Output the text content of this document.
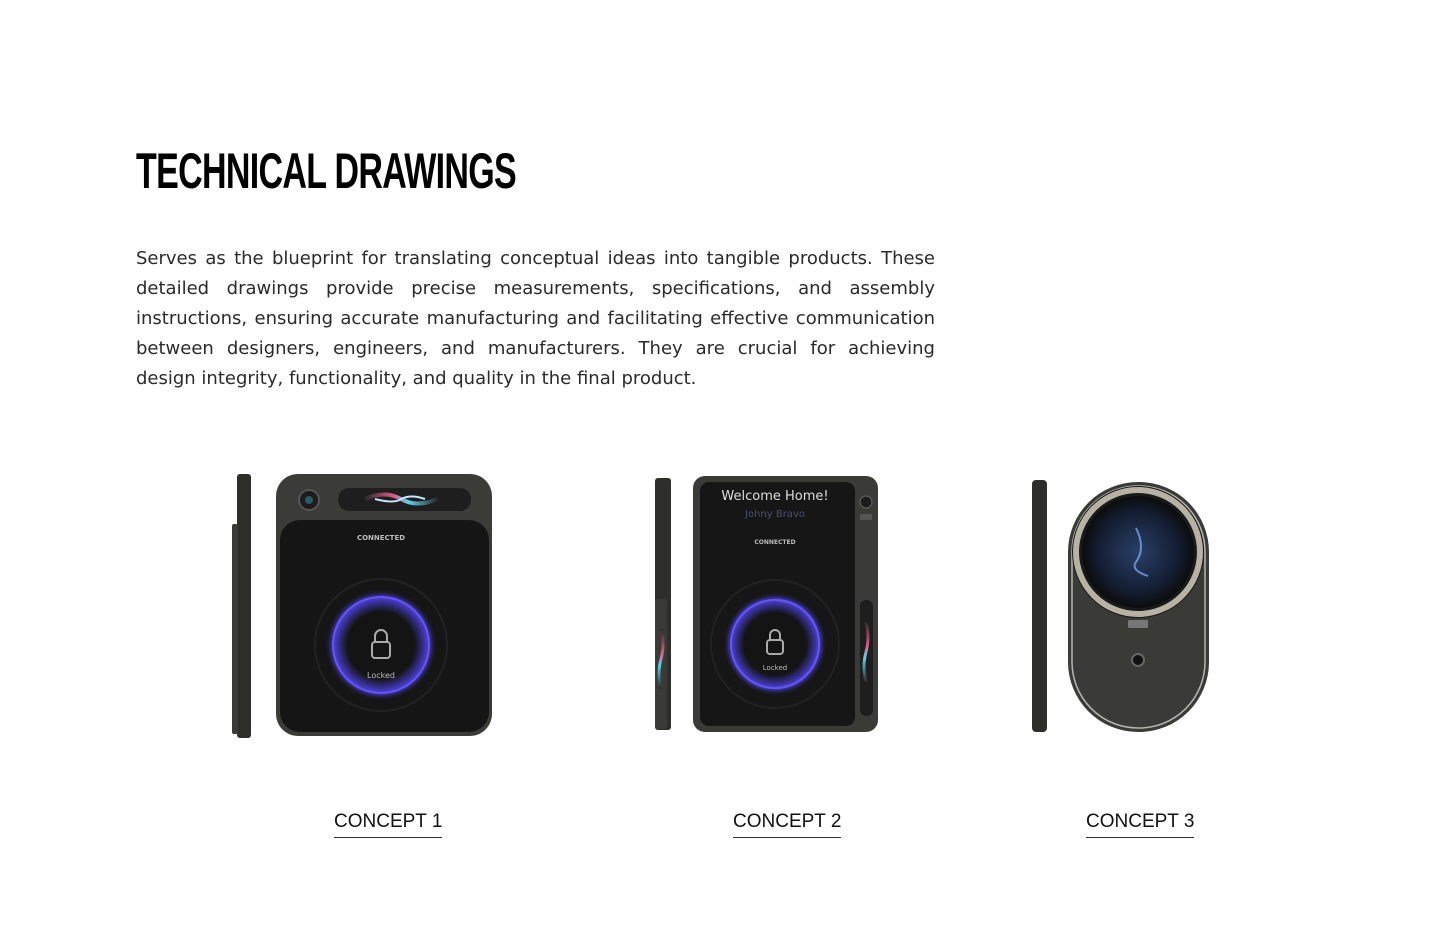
TECHNICAL DRAWINGS

Serves as the blueprint for translating conceptual ideas into tangible products. These detailed drawings provide precise measurements, specifications, and assembly instructions, ensuring accurate manufacturing and facilitating effective communication between designers, engineers, and manufacturers. They are crucial for achieving design integrity, functionality, and quality in the final product.

CONNECTED
Locked
Welcome Home!
Johny Bravo
CONNECTED
Locked
CONCEPT 1	CONCEPT 2	CONCEPT 3
